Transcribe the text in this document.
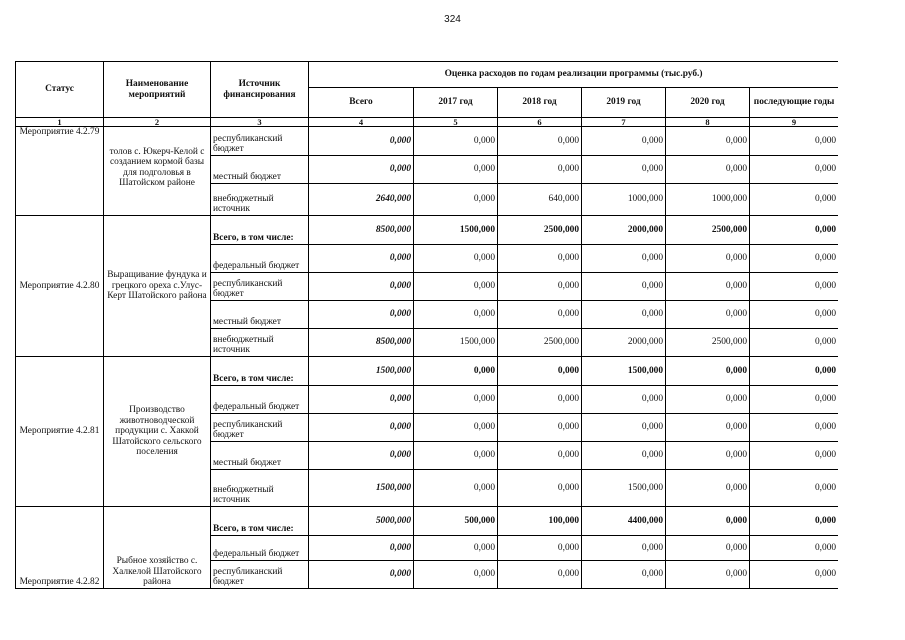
324
Статус	Наименование мероприятий	Источник финансирования	Оценка расходов по годам реализации программы (тыс.руб.)					
			Всего	2017 год	2018 год	2019 год	2020 год	последующие годы
1	2	3	4	5	6	7	8	9
Мероприятие 4.2.79	толов с. Юкерч-Келой с созданием кормой базы для подголовья в Шатойском районе	республиканский бюджет	0,000	0,000	0,000	0,000	0,000	0,000
		местный бюджет	0,000	0,000	0,000	0,000	0,000	0,000
		внебюджетный источник	2640,000	0,000	640,000	1000,000	1000,000	0,000
Мероприятие 4.2.80	Выращивание фундука и грецкого ореха с.Улус-Керт Шатойского района	Всего, в том числе:	8500,000	1500,000	2500,000	2000,000	2500,000	0,000
		федеральный бюджет	0,000	0,000	0,000	0,000	0,000	0,000
		республиканский бюджет	0,000	0,000	0,000	0,000	0,000	0,000
		местный бюджет	0,000	0,000	0,000	0,000	0,000	0,000
		внебюджетный источник	8500,000	1500,000	2500,000	2000,000	2500,000	0,000
Мероприятие 4.2.81	Производство животноводческой продукции с. Хаккой Шатойского сельского поселения	Всего, в том числе:	1500,000	0,000	0,000	1500,000	0,000	0,000
		федеральный бюджет	0,000	0,000	0,000	0,000	0,000	0,000
		республиканский бюджет	0,000	0,000	0,000	0,000	0,000	0,000
		местный бюджет	0,000	0,000	0,000	0,000	0,000	0,000
		внебюджетный источник	1500,000	0,000	0,000	1500,000	0,000	0,000
Мероприятие 4.2.82	Рыбное хозяйство с. Халкелой Шатойского района	Всего, в том числе:	5000,000	500,000	100,000	4400,000	0,000	0,000
		федеральный бюджет	0,000	0,000	0,000	0,000	0,000	0,000
		республиканский бюджет	0,000	0,000	0,000	0,000	0,000	0,000
